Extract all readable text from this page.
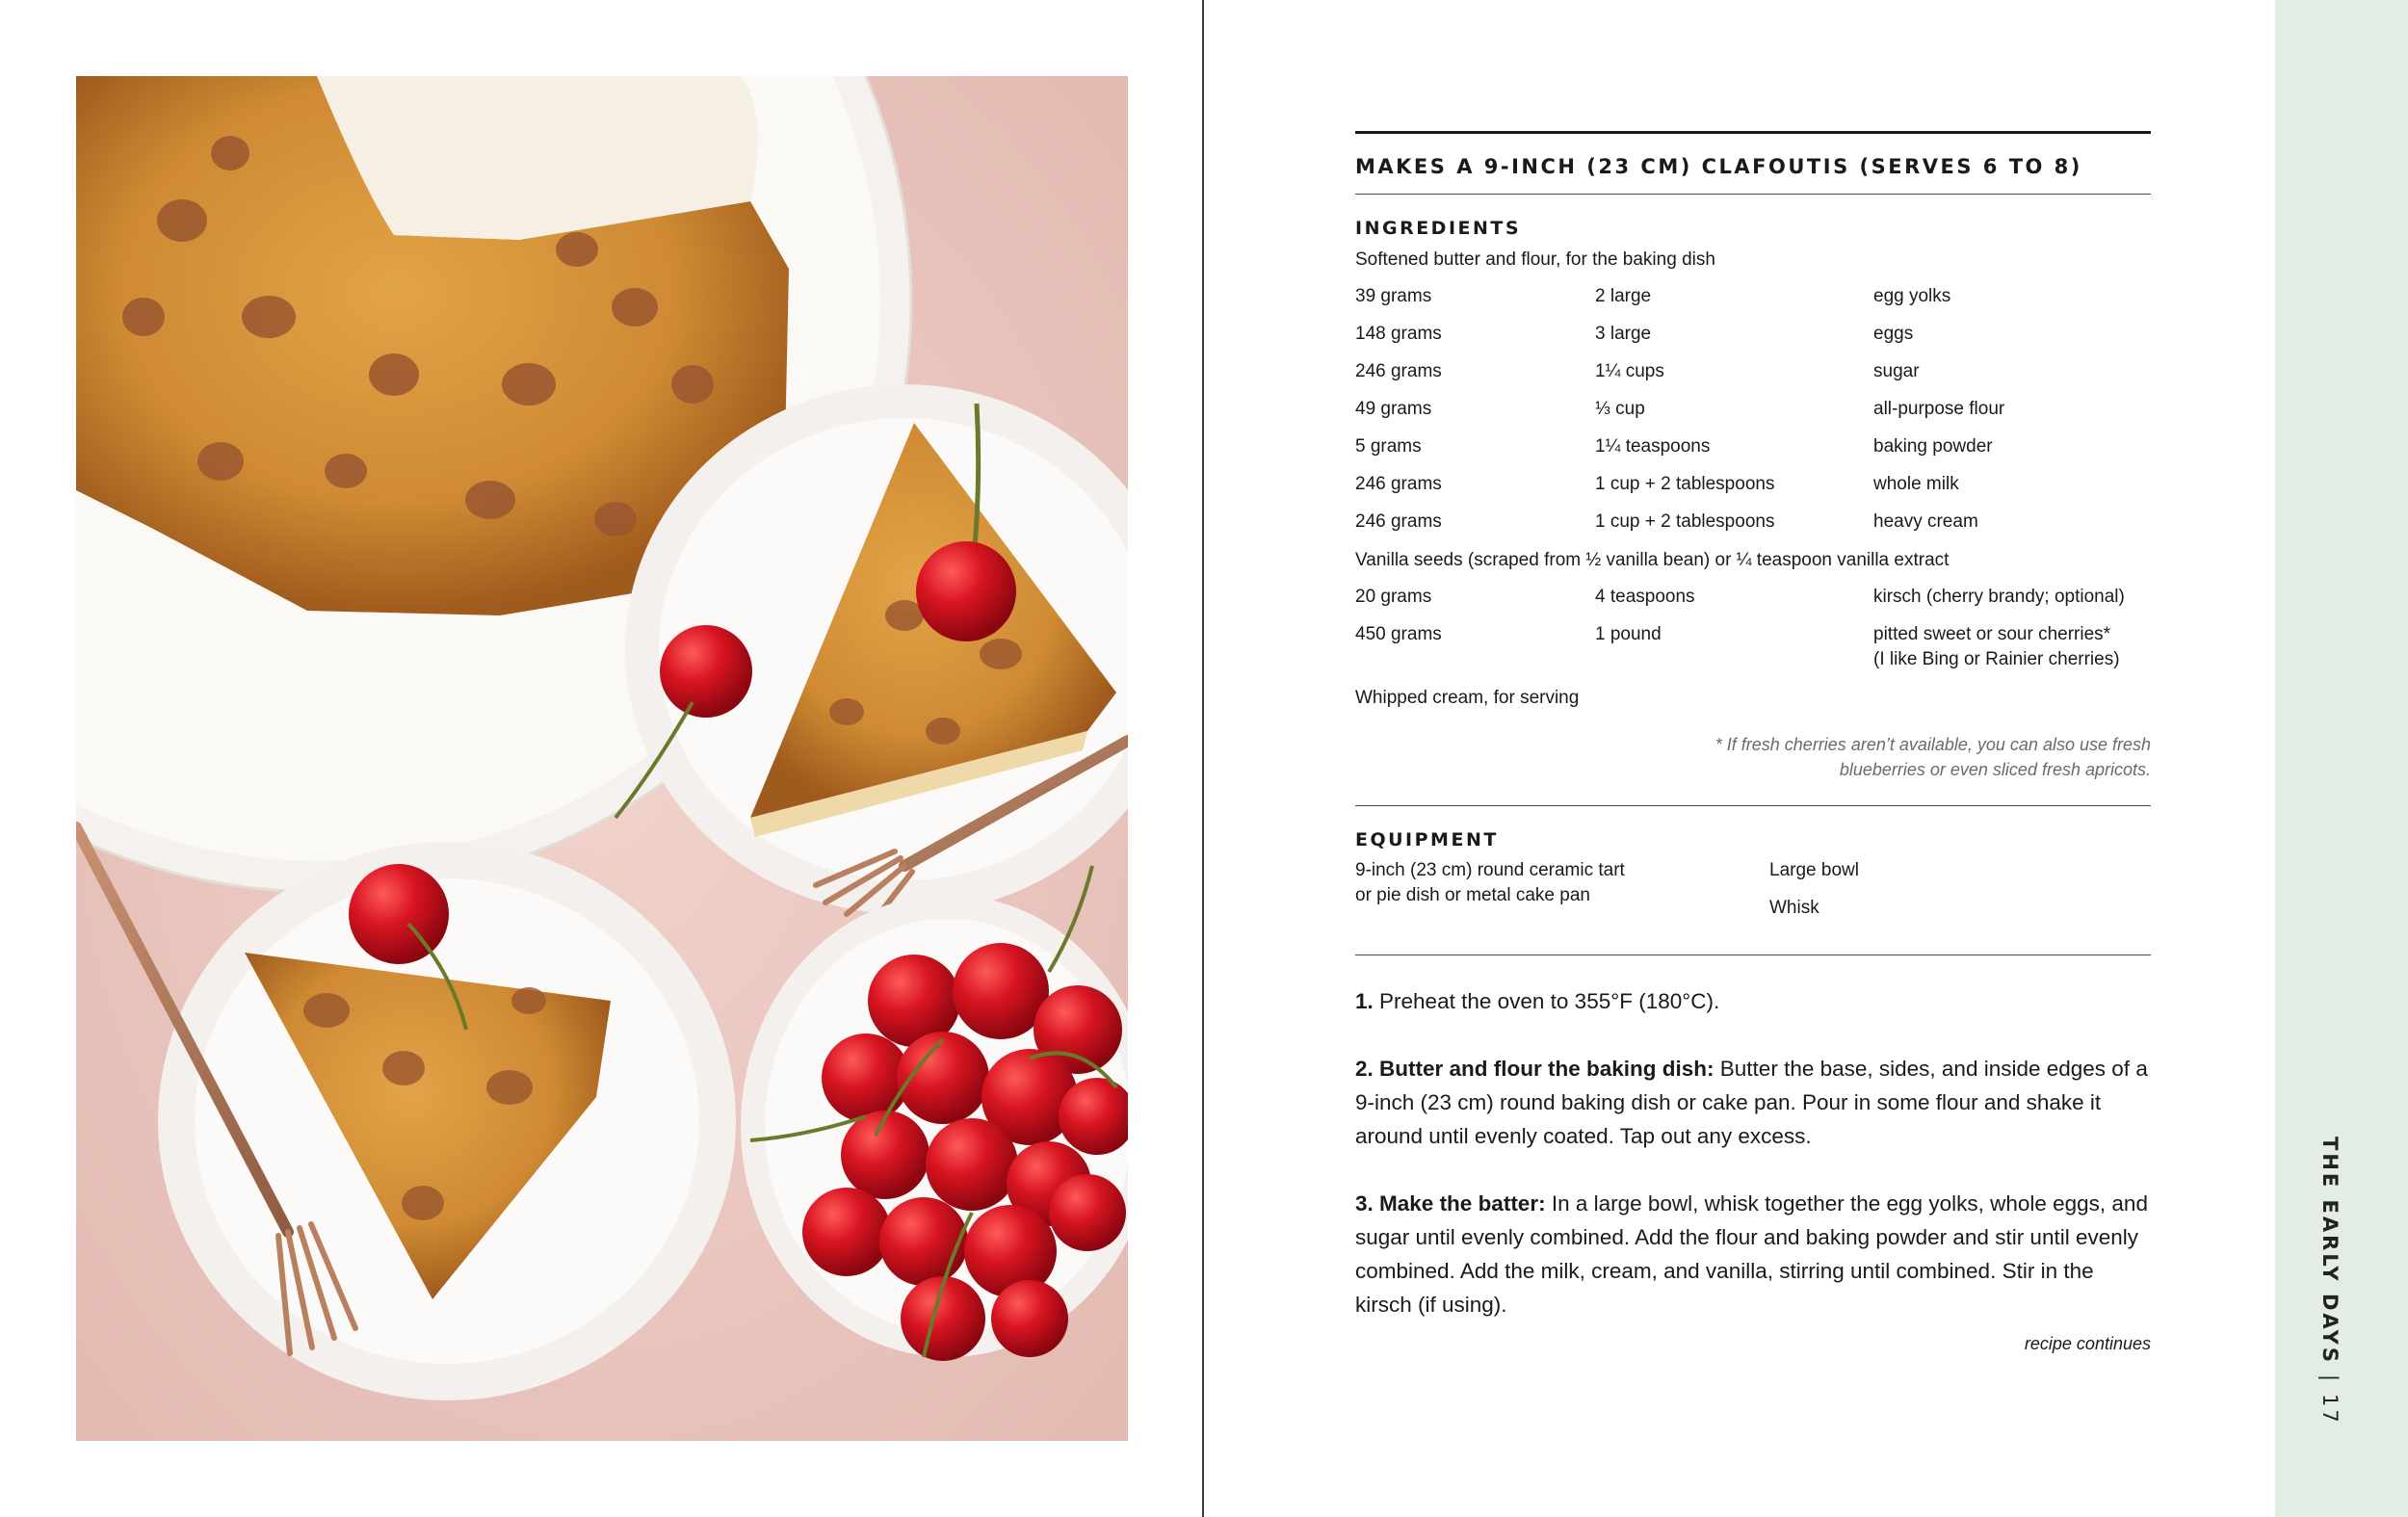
MAKES A 9-INCH (23 CM) CLAFOUTIS (SERVES 6 TO 8)
INGREDIENTS
Softened butter and flour, for the baking dish
39 grams	2 large	egg yolks
148 grams	3 large	eggs
246 grams	1¼ cups	sugar
49 grams	⅓ cup	all-purpose flour
5 grams	1¼ teaspoons	baking powder
246 grams	1 cup + 2 tablespoons	whole milk
246 grams	1 cup + 2 tablespoons	heavy cream
Vanilla seeds (scraped from ½ vanilla bean) or ¼ teaspoon vanilla extract
20 grams	4 teaspoons	kirsch (cherry brandy; optional)
450 grams	1 pound	pitted sweet or sour cherries*
(I like Bing or Rainier cherries)
Whipped cream, for serving
* If fresh cherries aren’t available, you can also use fresh
blueberries or even sliced fresh apricots.
EQUIPMENT
9-inch (23 cm) round ceramic tart
or pie dish or metal cake pan
Large bowl
Whisk
1. Preheat the oven to 355°F (180°C).
2. Butter and flour the baking dish: Butter the base, sides, and inside edges of a 9-inch (23 cm) round baking dish or cake pan. Pour in some flour and shake it around until evenly coated. Tap out any excess.
3. Make the batter: In a large bowl, whisk together the egg yolks, whole eggs, and sugar until evenly combined. Add the flour and baking powder and stir until evenly combined. Add the milk, cream, and vanilla, stirring until combined. Stir in the kirsch (if using).
recipe continues	THE EARLY DAYS|17
